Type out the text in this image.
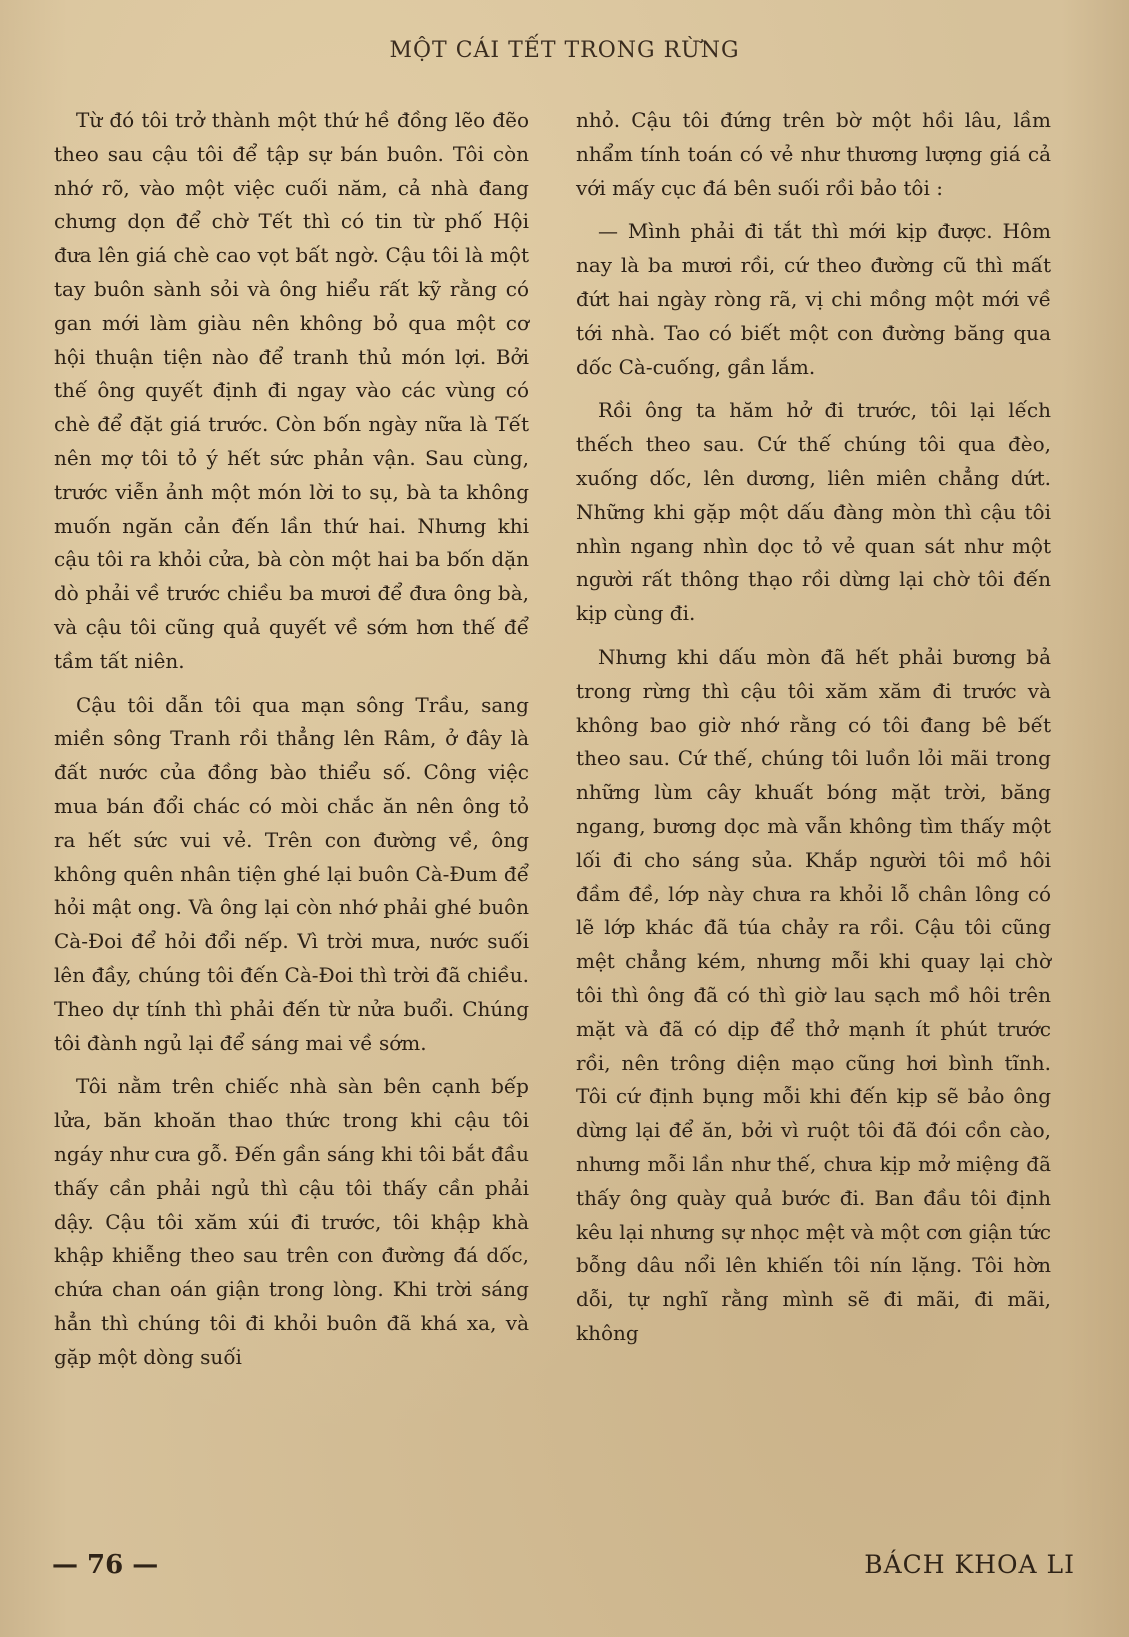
MỘT CÁI TẾT TRONG RỪNG

Từ đó tôi trở thành một thứ hề đồng lẽo đẽo theo sau cậu tôi để tập sự bán buôn. Tôi còn nhớ rõ, vào một việc cuối năm, cả nhà đang chưng dọn để chờ Tết thì có tin từ phố Hội đưa lên giá chè cao vọt bất ngờ. Cậu tôi là một tay buôn sành sỏi và ông hiểu rất kỹ rằng có gan mới làm giàu nên không bỏ qua một cơ hội thuận tiện nào để tranh thủ món lợi. Bởi thế ông quyết định đi ngay vào các vùng có chè để đặt giá trước. Còn bốn ngày nữa là Tết nên mợ tôi tỏ ý hết sức phản vận. Sau cùng, trước viễn ảnh một món lời to sụ, bà ta không muốn ngăn cản đến lần thứ hai. Nhưng khi cậu tôi ra khỏi cửa, bà còn một hai ba bốn dặn dò phải về trước chiều ba mươi để đưa ông bà, và cậu tôi cũng quả quyết về sớm hơn thế để tầm tất niên.

Cậu tôi dẫn tôi qua mạn sông Trầu, sang miền sông Tranh rồi thẳng lên Râm, ở đây là đất nước của đồng bào thiểu số. Công việc mua bán đổi chác có mòi chắc ăn nên ông tỏ ra hết sức vui vẻ. Trên con đường về, ông không quên nhân tiện ghé lại buôn Cà-Đum để hỏi mật ong. Và ông lại còn nhớ phải ghé buôn Cà-Đoi để hỏi đổi nếp. Vì trời mưa, nước suối lên đầy, chúng tôi đến Cà-Đoi thì trời đã chiều. Theo dự tính thì phải đến từ nửa buổi. Chúng tôi đành ngủ lại để sáng mai về sớm.

Tôi nằm trên chiếc nhà sàn bên cạnh bếp lửa, băn khoăn thao thức trong khi cậu tôi ngáy như cưa gỗ. Đến gần sáng khi tôi bắt đầu thấy cần phải ngủ thì cậu tôi thấy cần phải dậy. Cậu tôi xăm xúi đi trước, tôi khập khà khập khiễng theo sau trên con đường đá dốc, chứa chan oán giận trong lòng. Khi trời sáng hẳn thì chúng tôi đi khỏi buôn đã khá xa, và gặp một dòng suối

nhỏ. Cậu tôi đứng trên bờ một hồi lâu, lầm nhẩm tính toán có vẻ như thương lượng giá cả với mấy cục đá bên suối rồi bảo tôi :

— Mình phải đi tắt thì mới kịp được. Hôm nay là ba mươi rồi, cứ theo đường cũ thì mất đứt hai ngày ròng rã, vị chi mồng một mới về tới nhà. Tao có biết một con đường băng qua dốc Cà-cuống, gần lắm.

Rồi ông ta hăm hở đi trước, tôi lại lếch thếch theo sau. Cứ thế chúng tôi qua đèo, xuống dốc, lên dương, liên miên chẳng dứt. Những khi gặp một dấu đàng mòn thì cậu tôi nhìn ngang nhìn dọc tỏ vẻ quan sát như một người rất thông thạo rồi dừng lại chờ tôi đến kịp cùng đi.

Nhưng khi dấu mòn đã hết phải bương bả trong rừng thì cậu tôi xăm xăm đi trước và không bao giờ nhớ rằng có tôi đang bê bết theo sau. Cứ thế, chúng tôi luồn lỏi mãi trong những lùm cây khuất bóng mặt trời, băng ngang, bương dọc mà vẫn không tìm thấy một lối đi cho sáng sủa. Khắp người tôi mồ hôi đầm đề, lớp này chưa ra khỏi lỗ chân lông có lẽ lớp khác đã túa chảy ra rồi. Cậu tôi cũng mệt chẳng kém, nhưng mỗi khi quay lại chờ tôi thì ông đã có thì giờ lau sạch mồ hôi trên mặt và đã có dịp để thở mạnh ít phút trước rồi, nên trông diện mạo cũng hơi bình tĩnh. Tôi cứ định bụng mỗi khi đến kịp sẽ bảo ông dừng lại để ăn, bởi vì ruột tôi đã đói cồn cào, nhưng mỗi lần như thế, chưa kịp mở miệng đã thấy ông quày quả bước đi. Ban đầu tôi định kêu lại nhưng sự nhọc mệt và một cơn giận tức bỗng dâu nổi lên khiến tôi nín lặng. Tôi hờn dỗi, tự nghĩ rằng mình sẽ đi mãi, đi mãi, không

— 76 —	BÁCH KHOA LI
